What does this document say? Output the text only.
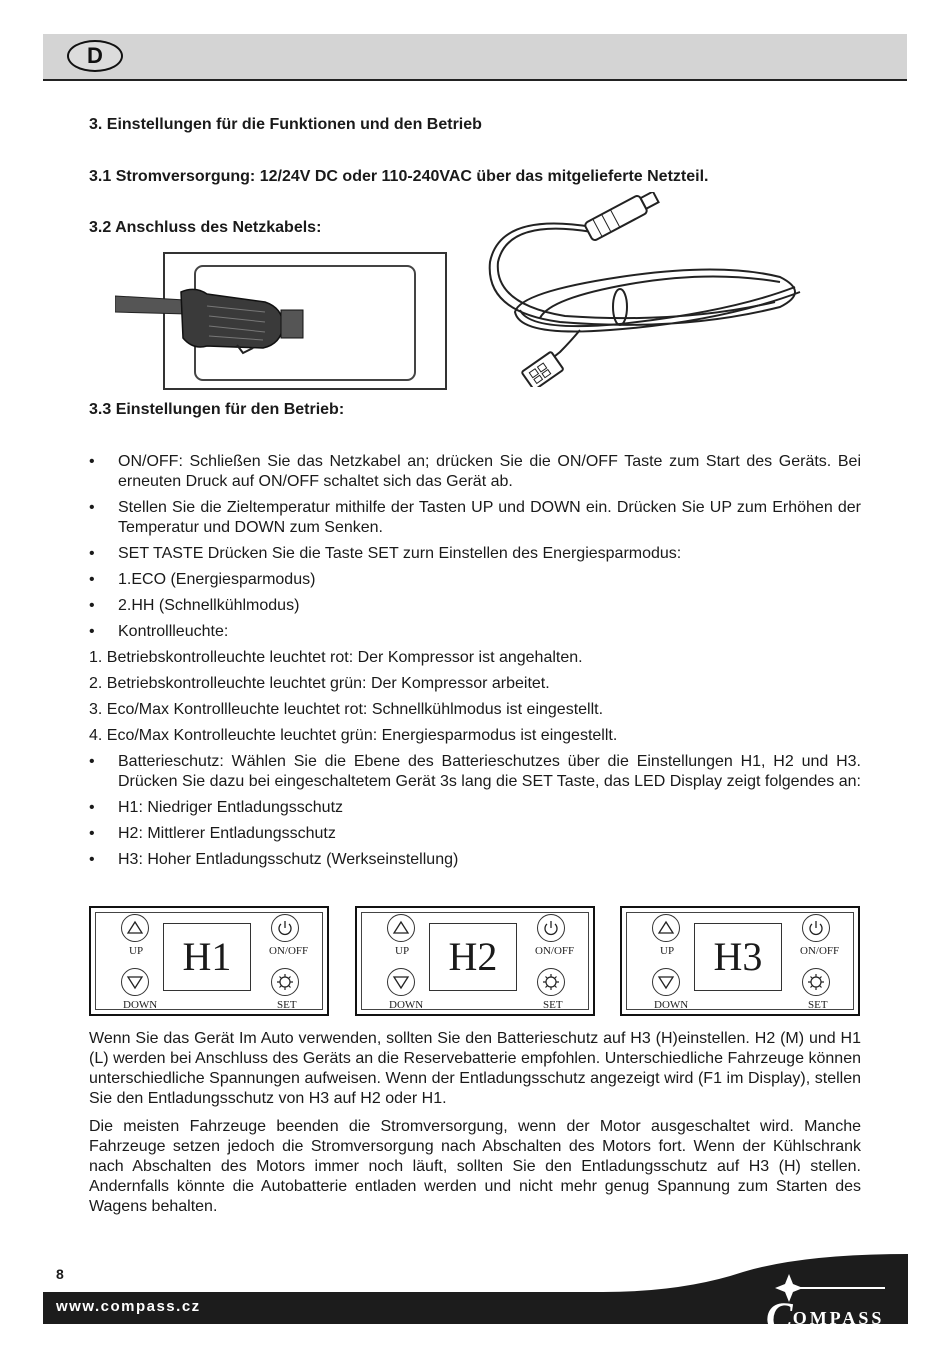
D
3. Einstellungen für die Funktionen und den Betrieb
3.1 Stromversorgung: 12/24V DC oder 110-240VAC über das mitgelieferte Netzteil.
3.2 Anschluss des Netzkabels:
3.3 Einstellungen für den Betrieb:
• ON/OFF: Schließen Sie das Netzkabel an; drücken Sie die ON/OFF Taste zum Start des Geräts. Bei erneuten Druck auf ON/OFF schaltet sich das Gerät ab.
• Stellen Sie die Zieltemperatur mithilfe der Tasten UP und DOWN ein. Drücken Sie UP zum Erhöhen der Temperatur und DOWN zum Senken.
• SET TASTE Drücken Sie die Taste SET zurn Einstellen des Energiesparmodus:
• 1.ECO (Energiesparmodus)
• 2.HH (Schnellkühlmodus)
• Kontrollleuchte:
1. Betriebskontrolleuchte leuchtet rot: Der Kompressor ist angehalten.
2. Betriebskontrolleuchte leuchtet grün: Der Kompressor arbeitet.
3. Eco/Max Kontrollleuchte leuchtet rot: Schnellkühlmodus ist eingestellt.
4. Eco/Max Kontrolleuchte leuchtet grün: Energiesparmodus ist eingestellt.
• Batterieschutz: Wählen Sie die Ebene des Batterieschutzes über die Einstellungen H1, H2 und H3. Drücken Sie dazu bei eingeschaltetem Gerät 3s lang die SET Taste, das LED Display zeigt folgendes an:
• H1: Niedriger Entladungsschutz
• H2: Mittlerer Entladungsschutz
• H3: Hoher Entladungsschutz (Werkseinstellung)
UP
DOWN
H1	ON/OFF
SET
UP
DOWN
H2	ON/OFF
SET
UP
DOWN
H3	ON/OFF
SET

Wenn Sie das Gerät Im Auto verwenden, sollten Sie den Batterieschutz auf H3 (H)einstellen. H2 (M) und H1 (L) werden bei Anschluss des Geräts an die Reservebatterie empfohlen. Unterschiedliche Fahrzeuge können unterschiedliche Spannungen aufweisen. Wenn der Entladungsschutz angezeigt wird (F1 im Display), stellen Sie den Entladungsschutz von H3 auf H2 oder H1.

Die meisten Fahrzeuge beenden die Stromversorgung, wenn der Motor ausgeschaltet wird. Manche Fahrzeuge setzen jedoch die Stromversorgung nach Abschalten des Motors fort. Wenn der Kühlschrank nach Abschalten des Motors immer noch läuft, sollten Sie den Entladungsschutz auf H3 (H) stellen. Andernfalls könnte die Autobatterie entladen werden und nicht mehr genug Spannung zum Starten des Wagens behalten.

8
www.compass.cz	COMPASS
